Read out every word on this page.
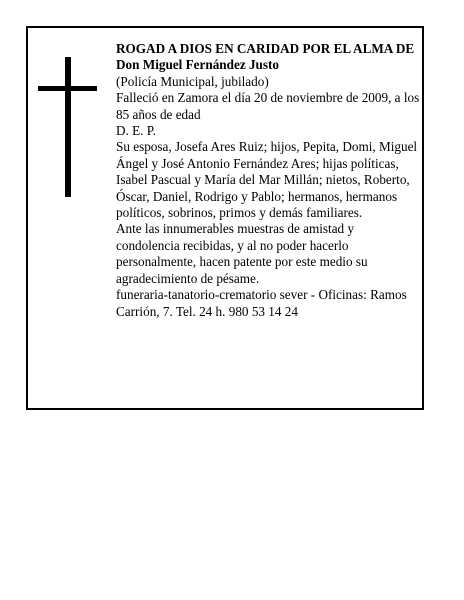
ROGAD A DIOS EN CARIDAD POR EL ALMA DE

Don Miguel Fernández Justo

(Policía Municipal, jubilado)

Falleció en Zamora el día 20 de noviembre de 2009, a los 85 años de edad

D. E. P.

Su esposa, Josefa Ares Ruiz; hijos, Pepita, Domi, Miguel Ángel y José Antonio Fernández Ares; hijas políticas, Isabel Pascual y María del Mar Millán; nietos, Roberto, Óscar, Daniel, Rodrigo y Pablo; hermanos, hermanos políticos, sobrinos, primos y demás familiares.

Ante las innumerables muestras de amistad y condolencia recibidas, y al no poder hacerlo personalmente, hacen patente por este medio su agradecimiento de pésame.

funeraria-tanatorio-crematorio sever - Oficinas: Ramos Carrión, 7. Tel. 24 h. 980 53 14 24
